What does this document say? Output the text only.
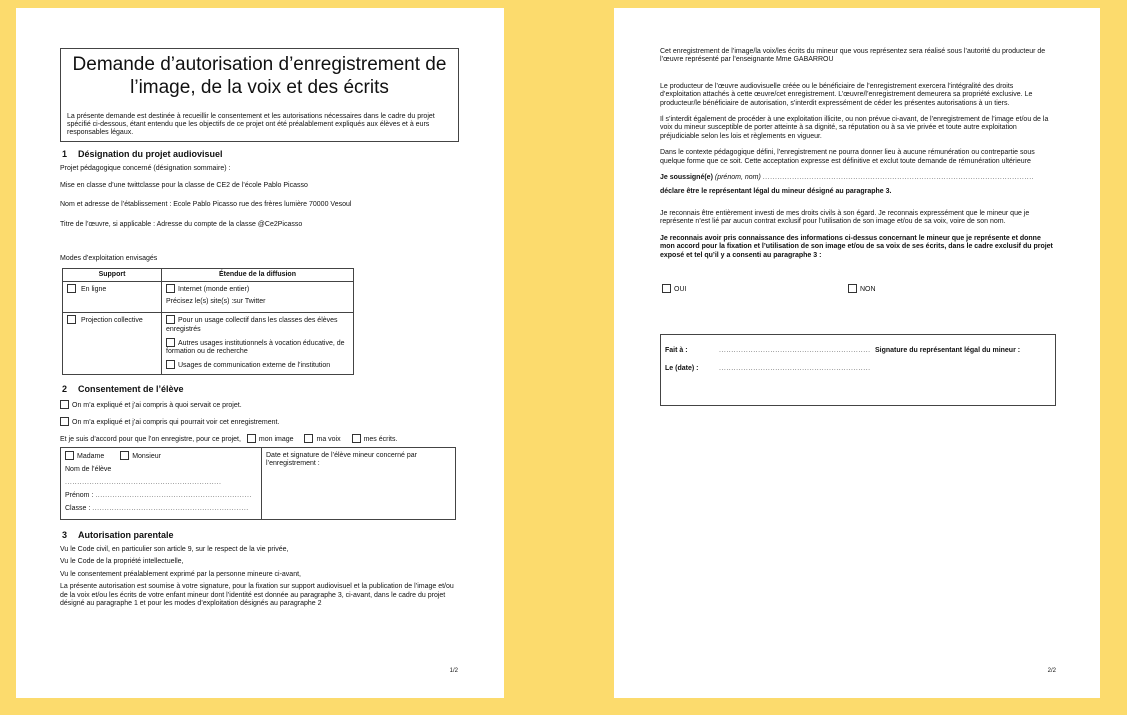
Demande d’autorisation d’enregistrement de l’image, de la voix et des écrits

La présente demande est destinée à recueillir le consentement et les autorisations nécessaires dans le cadre du projet spécifié ci-dessous, étant entendu que les objectifs de ce projet ont été préalablement expliqués aux élèves et à eurs responsables légaux.

1 Désignation du projet audiovisuel

Projet pédagogique concerné (désignation sommaire) :

Mise en classe d’une twittclasse pour la classe de CE2 de l’école Pablo Picasso

Nom et adresse de l’établissement : Ecole Pablo Picasso rue des frères lumière 70000 Vesoul

Titre de l’œuvre, si applicable : Adresse du compte de la classe @Ce2Picasso

Modes d’exploitation envisagés

Support	Étendue de la diffusion
En ligne	Internet (monde entier)
Précisez le(s) site(s) :sur Twitter

Projection collective	Pour un usage collectif dans les classes des élèves enregistrés
Autres usages institutionnels à vocation éducative, de formation ou de recherche
Usages de communication externe de l’institution
2 Consentement de l’élève

On m’a expliqué et j’ai compris à quoi servait ce projet.

On m’a expliqué et j’ai compris qui pourrait voir cet enregistrement.

Et je suis d’accord pour que l’on enregistre, pour ce projet,	mon image	ma voix	mes écrits.

Madame	Monsieur
Nom de l’élève ................................................................
Prénom : ................................................................
Classe : ................................................................

Date et signature de l’élève mineur concerné par l’enregistrement :
3 Autorisation parentale

Vu le Code civil, en particulier son article 9, sur le respect de la vie privée,

Vu le Code de la propriété intellectuelle,

Vu le consentement préalablement exprimé par la personne mineure ci-avant,

La présente autorisation est soumise à votre signature, pour la fixation sur support audiovisuel et la publication de l’image et/ou de la voix et/ou les écrits de votre enfant mineur dont l’identité est donnée au paragraphe 3, ci-avant, dans le cadre du projet désigné au paragraphe 1 et pour les modes d’exploitation désignés au paragraphe 2

1/2

Cet enregistrement de l’image/la voix/les écrits du mineur que vous représentez sera réalisé sous l’autorité du producteur de l’œuvre représenté par l’enseignante Mme GABARROU

Le producteur de l’œuvre audiovisuelle créée ou le bénéficiaire de l’enregistrement exercera l’intégralité des droits d’exploitation attachés à cette œuvre/cet enregistrement. L’œuvre/l’enregistrement demeurera sa propriété exclusive. Le producteur/le bénéficiaire de autorisation, s’interdit expressément de céder les présentes autorisations à un tiers.

Il s’interdit également de procéder à une exploitation illicite, ou non prévue ci-avant, de l’enregistrement de l’image et/ou de la voix du mineur susceptible de porter atteinte à sa dignité, sa réputation ou à sa vie privée et toute autre exploitation préjudiciable selon les lois et règlements en vigueur.

Dans le contexte pédagogique défini, l’enregistrement ne pourra donner lieu à aucune rémunération ou contrepartie sous quelque forme que ce soit. Cette acceptation expresse est définitive et exclut toute demande de rémunération ultérieure

Je soussigné(e) (prénom, nom) ...............................................................................................................

déclare être le représentant légal du mineur désigné au paragraphe 3.

Je reconnais être entièrement investi de mes droits civils à son égard. Je reconnais expressément que le mineur que je représente n’est lié par aucun contrat exclusif pour l’utilisation de son image et/ou de sa voix, voire de son nom.

Je reconnais avoir pris connaissance des informations ci-dessus concernant le mineur que je représente et donne mon accord pour la fixation et l’utilisation de son image et/ou de sa voix de ses écrits, dans le cadre exclusif du projet exposé et tel qu’il y a consenti au paragraphe 3 :

OUI	NON
Fait à :	.............................................................. Signature du représentant légal du mineur :
Le (date) :	..............................................................
2/2
